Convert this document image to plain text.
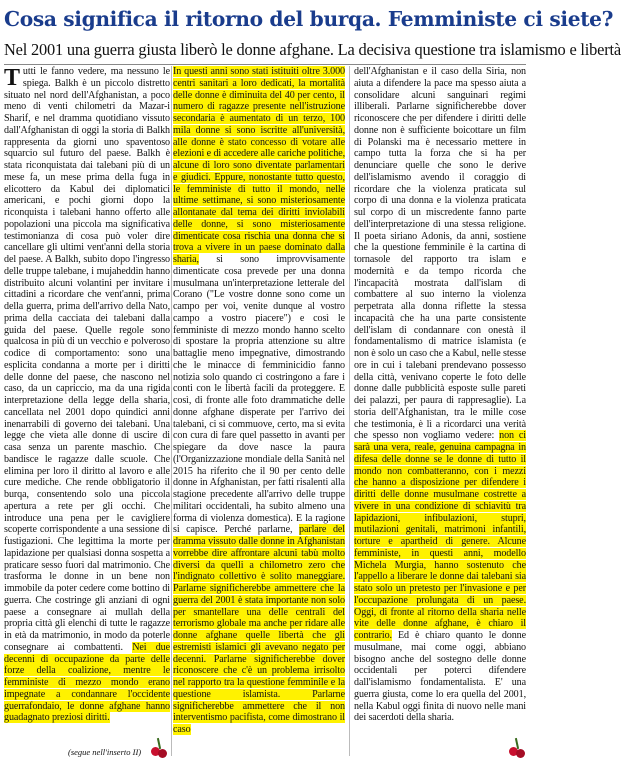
Cosa significa il ritorno del burqa. Femministe ci siete?
Nel 2001 una guerra giusta liberò le donne afghane. La decisiva questione tra islamismo e libertà

Tutti le fanno vedere, ma nessuno le spiega. Balkh è un piccolo distretto situato nel nord dell'Afghanistan, a poco meno di venti chilometri da Mazar-i Sharif, e nel dramma quotidiano vissuto dall'Afghanistan di oggi la storia di Balkh rappresenta da giorni uno spaventoso squarcio sul futuro del paese. Balkh è stata riconquistata dai talebani più di un mese fa, un mese prima della fuga in elicottero da Kabul dei diplomatici americani, e pochi giorni dopo la riconquista i talebani hanno offerto alle popolazioni una piccola ma significativa testimonianza di cosa può voler dire cancellare gli ultimi vent'anni della storia del paese. A Balkh, subito dopo l'ingresso delle truppe talebane, i mujaheddin hanno distribuito alcuni volantini per invitare i cittadini a ricordare che vent'anni, prima della guerra, prima dell'arrivo della Nato, prima della cacciata dei talebani dalla guida del paese. Quelle regole sono qualcosa in più di un vecchio e polveroso codice di comportamento: sono una esplicita condanna a morte per i diritti delle donne del paese, che nascono nel caso, da un capriccio, ma da una rigida interpretazione della legge della sharia, cancellata nel 2001 dopo quindici anni inenarrabili di governo dei talebani. Una legge che vieta alle donne di uscire di casa senza un parente maschio. Che bandisce le ragazze dalle scuole. Che elimina per loro il diritto al lavoro e alle cure mediche. Che rende obbligatorio il burqa, consentendo solo una piccola apertura a rete per gli occhi. Che introduce una pena per le cavigliere scoperte corrispondente a una sessione di fustigazioni. Che legittima la morte per lapidazione per qualsiasi donna sospetta a praticare sesso fuori dal matrimonio. Che trasforma le donne in un bene non immobile da poter cedere come bottino di guerra. Che costringe gli anziani di ogni paese a consegnare ai mullah della propria città gli elenchi di tutte le ragazze in età da matrimonio, in modo da poterle consegnare ai combattenti. Nei due decenni di occupazione da parte delle forze della coalizione, mentre le femministe di mezzo mondo erano impegnate a condannare l'occidente guerrafondaio, le donne afghane hanno guadagnato preziosi diritti.

In questi anni sono stati istituiti oltre 3.000 centri sanitari a loro dedicati, la mortalità delle donne è diminuita del 40 per cento, il numero di ragazze presente nell'istruzione secondaria è aumentato di un terzo, 100 mila donne si sono iscritte all'università, alle donne è stato concesso di votare alle elezioni e di accedere alle cariche politiche, alcune di loro sono diventate parlamentari e giudici. Eppure, nonostante tutto questo, le femministe di tutto il mondo, nelle ultime settimane, si sono misteriosamente allontanate dal tema dei diritti inviolabili delle donne, si sono misteriosamente dimenticate cosa rischia una donna che si trova a vivere in un paese dominato dalla sharia, si sono improvvisamente dimenticate cosa prevede per una donna musulmana un'interpretazione letterale del Corano ("Le vostre donne sono come un campo per voi, venite dunque al vostro campo a vostro piacere") e così le femministe di mezzo mondo hanno scelto di spostare la propria attenzione su altre battaglie meno impegnative, dimostrando che le minacce di femminicidio fanno notizia solo quando ci costringono a fare i conti con le libertà facili da proteggere. E così, di fronte alle foto drammatiche delle donne afghane disperate per l'arrivo dei talebani, ci si commuove, certo, ma si evita con cura di fare quel passetto in avanti per spiegare da dove nasce la paura (l'Organizzazione mondiale della Sanità nel 2015 ha riferito che il 90 per cento delle donne in Afghanistan, per fatti risalenti alla stagione precedente all'arrivo delle truppe militari occidentali, ha subito almeno una forma di violenza domestica). E la ragione si capisce. Perché parlarne, parlare del dramma vissuto dalle donne in Afghanistan vorrebbe dire affrontare alcuni tabù molto diversi da quelli a chilometro zero che l'indignato collettivo è solito maneggiare. Parlarne significherebbe ammettere che la guerra del 2001 è stata importante non solo per smantellare una delle centrali del terrorismo globale ma anche per ridare alle donne afghane quelle libertà che gli estremisti islamici gli avevano negato per decenni. Parlarne significherebbe dover riconoscere che c'è un problema irrisolto nel rapporto tra la questione femminile e la questione islamista. Parlarne significherebbe ammettere che il non interventismo pacifista, come dimostrano il caso

dell'Afghanistan e il caso della Siria, non aiuta a difendere la pace ma spesso aiuta a consolidare alcuni sanguinari regimi illiberali. Parlarne significherebbe dover riconoscere che per difendere i diritti delle donne non è sufficiente boicottare un film di Polanski ma è necessario mettere in campo tutta la forza che si ha per denunciare quelle che sono le derive dell'islamismo avendo il coraggio di ricordare che la violenza praticata sul corpo di una donna e la violenza praticata sul corpo di un miscredente fanno parte dell'interpretazione di una stessa religione. Il poeta siriano Adonis, da anni, sostiene che la questione femminile è la cartina di tornasole del rapporto tra islam e modernità e da tempo ricorda che l'incapacità mostrata dall'islam di combattere al suo interno la violenza perpetrata alla donna riflette la stessa incapacità che ha una parte consistente dell'islam di condannare con onestà il fondamentalismo di matrice islamista (e non è solo un caso che a Kabul, nelle stesse ore in cui i talebani prendevano possesso della città, venivano coperte le foto delle donne dalle pubblicità esposte sulle pareti dei palazzi, per paura di rappresaglie). La storia dell'Afghanistan, tra le mille cose che testimonia, è lì a ricordarci una verità che spesso non vogliamo vedere: non ci sarà una vera, reale, genuina campagna in difesa delle donne se le donne di tutto il mondo non combatteranno, con i mezzi che hanno a disposizione per difendere i diritti delle donne musulmane costrette a vivere in una condizione di schiavitù tra lapidazioni, infibulazioni, stupri, mutilazioni genitali, matrimoni infantili, torture e apartheid di genere. Alcune femministe, in questi anni, modello Michela Murgia, hanno sostenuto che l'appello a liberare le donne dai talebani sia stato solo un pretesto per l'invasione e per l'occupazione prolungata di un paese. Oggi, di fronte al ritorno della sharia nelle vite delle donne afghane, è chiaro il contrario. Ed è chiaro quanto le donne musulmane, mai come oggi, abbiano bisogno anche del sostegno delle donne occidentali per poterci difendere dall'islamismo fondamentalista. E' una guerra giusta, come lo era quella del 2001, nella Kabul oggi finita di nuovo nelle mani dei sacerdoti della sharia.

(segue nell'inserto II)
